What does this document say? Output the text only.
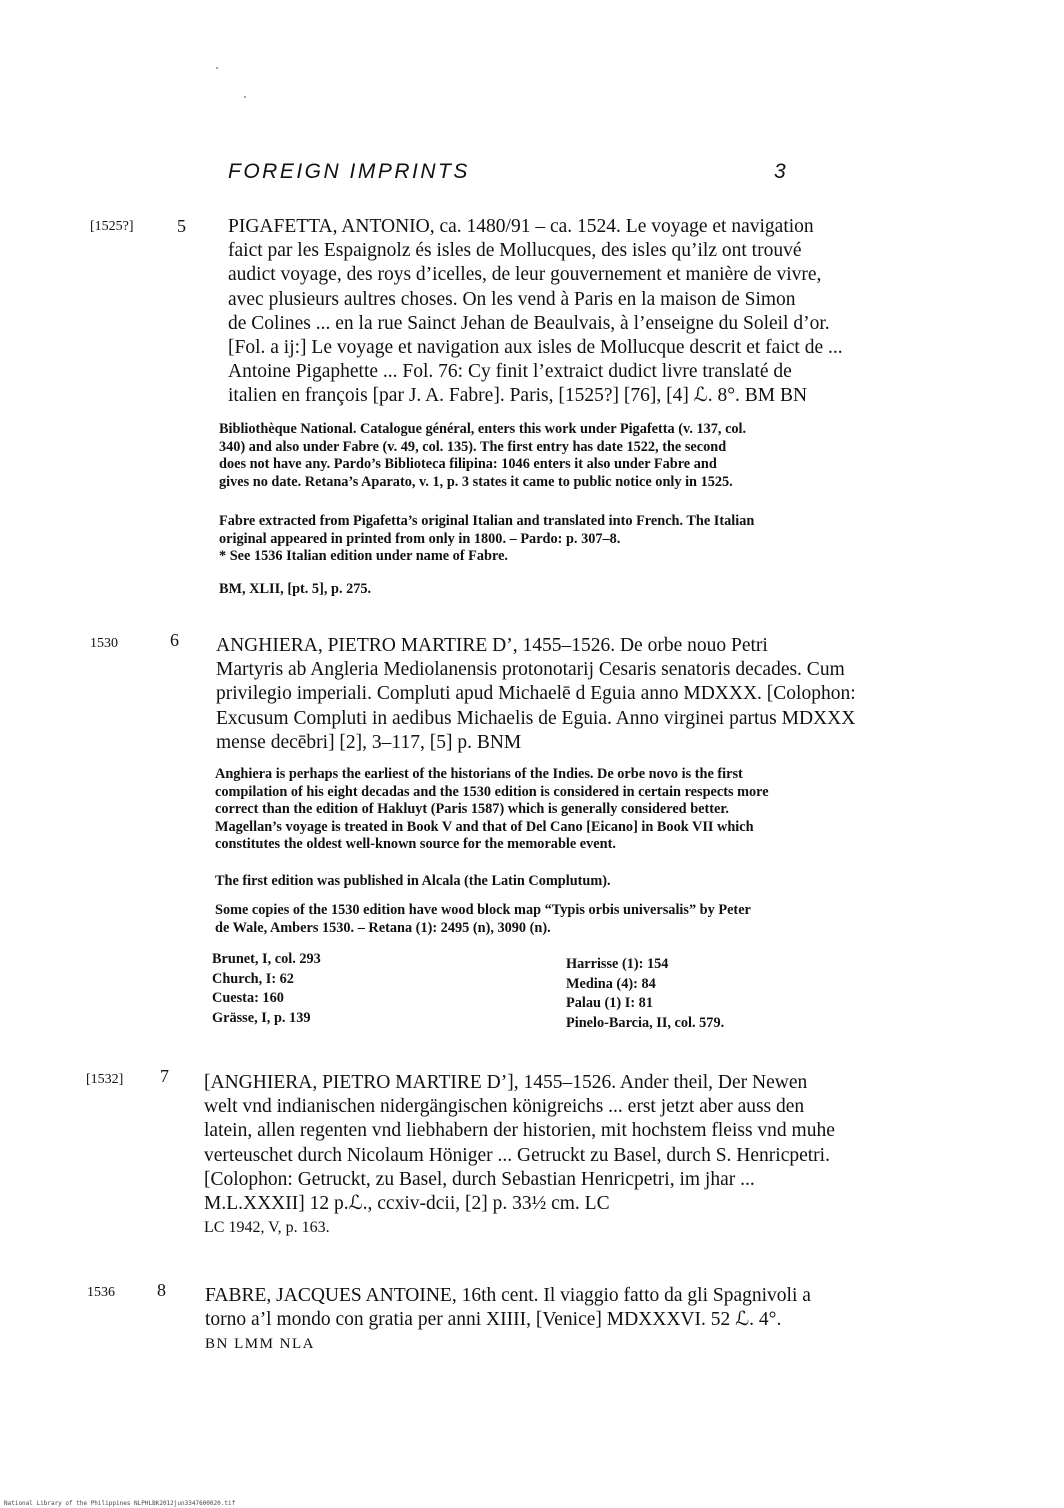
FOREIGN IMPRINTS	3
[1525?] 5 PIGAFETTA, ANTONIO, ca. 1480/91 – ca. 1524. Le voyage et navigation
faict par les Espaignolz és isles de Mollucques, des isles qu’ilz ont trouvé
audict voyage, des roys d’icelles, de leur gouvernement et manière de vivre,
avec plusieurs aultres choses. On les vend à Paris en la maison de Simon
de Colines ... en la rue Sainct Jehan de Beaulvais, à l’enseigne du Soleil d’or.
[Fol. a ij:] Le voyage et navigation aux isles de Mollucque descrit et faict de ...
Antoine Pigaphette ... Fol. 76: Cy finit l’extraict dudict livre translaté de
italien en françois [par J. A. Fabre]. Paris, [1525?] [76], [4] ℒ. 8°. BM BN
Bibliothèque National. Catalogue général, enters this work under Pigafetta (v. 137, col.
340) and also under Fabre (v. 49, col. 135). The first entry has date 1522, the second
does not have any. Pardo’s Biblioteca filipina: 1046 enters it also under Fabre and
gives no date. Retana’s Aparato, v. 1, p. 3 states it came to public notice only in 1525.
Fabre extracted from Pigafetta’s original Italian and translated into French. The Italian
original appeared in printed from only in 1800. – Pardo: p. 307–8.
* See 1536 Italian edition under name of Fabre.
BM, XLII, [pt. 5], p. 275.
1530	6 ANGHIERA, PIETRO MARTIRE D’, 1455–1526. De orbe nouo Petri
Martyris ab Angleria Mediolanensis protonotarij Cesaris senatoris decades. Cum
privilegio imperiali. Compluti apud Michaelē d Eguia anno MDXXX. [Colophon:
Excusum Compluti in aedibus Michaelis de Eguia. Anno virginei partus MDXXX
mense decēbri] [2], 3–117, [5] p. BNM
Anghiera is perhaps the earliest of the historians of the Indies. De orbe novo is the first
compilation of his eight decadas and the 1530 edition is considered in certain respects more
correct than the edition of Hakluyt (Paris 1587) which is generally considered better.
Magellan’s voyage is treated in Book V and that of Del Cano [Eicano] in Book VII which
constitutes the oldest well-known source for the memorable event.
The first edition was published in Alcala (the Latin Complutum).
Some copies of the 1530 edition have wood block map “Typis orbis universalis” by Peter
de Wale, Ambers 1530. – Retana (1): 2495 (n), 3090 (n).
Brunet, I, col. 293
Church, I: 62
Cuesta: 160
Grässe, I, p. 139
Harrisse (1): 154
Medina (4): 84
Palau (1) I: 81
Pinelo-Barcia, II, col. 579.
[1532] 7 [ANGHIERA, PIETRO MARTIRE D’], 1455–1526. Ander theil, Der Newen
welt vnd indianischen nidergängischen königreichs ... erst jetzt aber auss den
latein, allen regenten vnd liebhabern der historien, mit hochstem fleiss vnd muhe
verteuschet durch Nicolaum Höniger ... Getruckt zu Basel, durch S. Henricpetri.
[Colophon: Getruckt, zu Basel, durch Sebastian Henricpetri, im jhar ...
M.L.XXXII] 12 p.ℒ., ccxiv-dcii, [2] p. 33½ cm. LC
LC 1942, V, p. 163.
1536 8 FABRE, JACQUES ANTOINE, 16th cent. Il viaggio fatto da gli Spagnivoli a
torno a’l mondo con gratia per anni XIIII, [Venice] MDXXXVI. 52 ℒ. 4°.
BN LMM NLA
National Library of the Philippines NLPHLBK2012jun3347600020.tif
